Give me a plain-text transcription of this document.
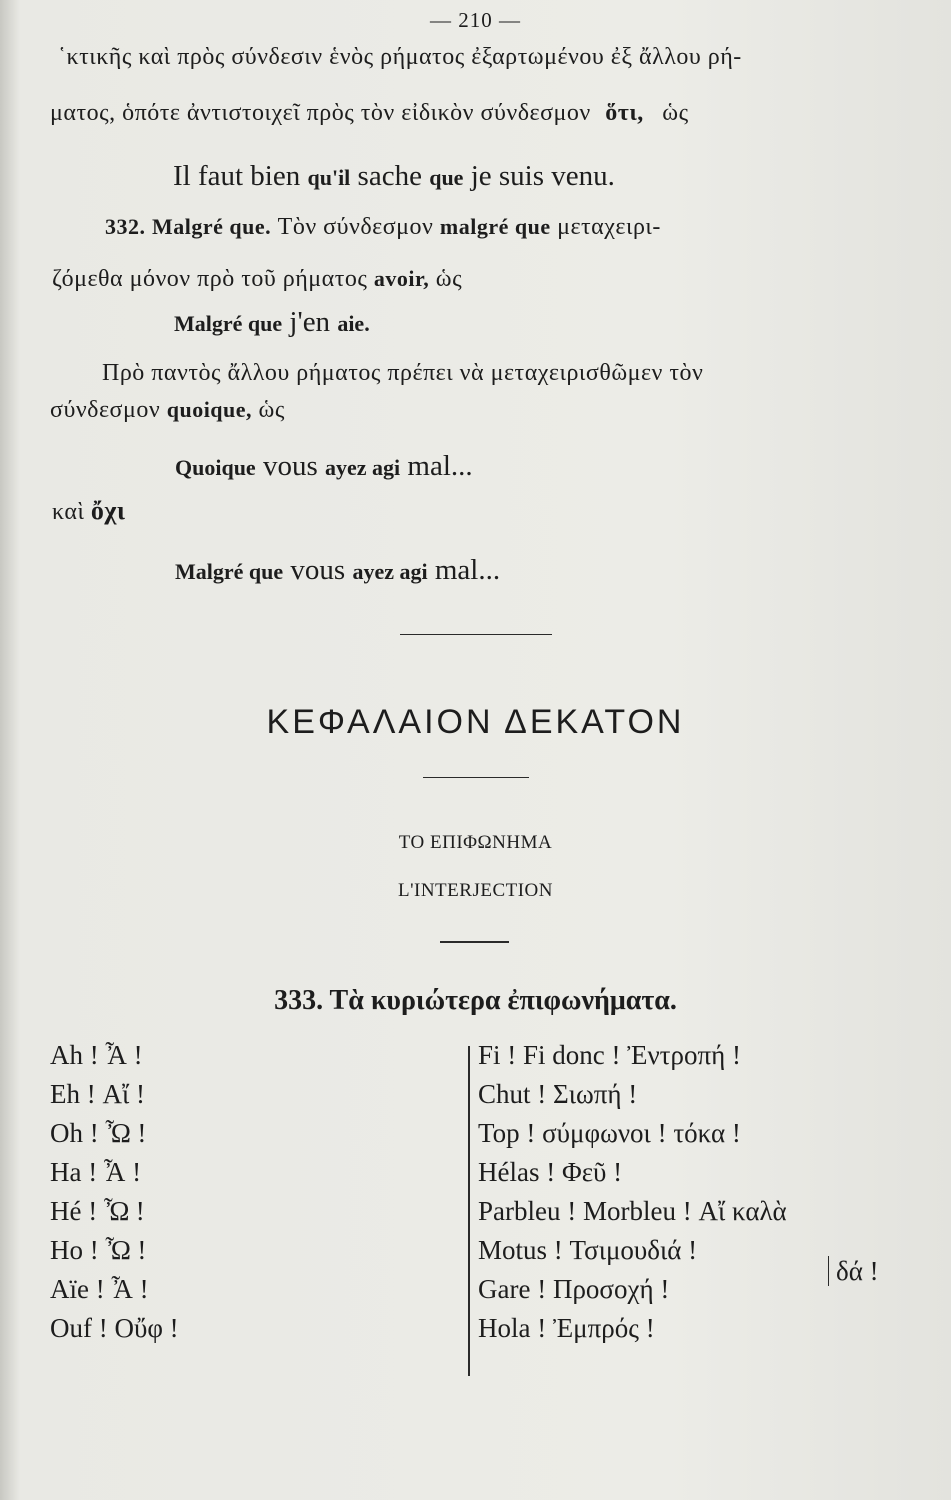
— 210 —
῾κτικῆς καὶ πρὸς σύνδεσιν ἑνὸς ρήματος ἐξαρτωμένου ἐξ ἄλλου ρή-
ματος, ὁπότε ἀντιστοιχεῖ πρὸς τὸν εἰδικὸν σύνδεσμον ὅτι, ὡς
Il faut bien qu'il sache que je suis venu.
332. Malgré que. Τὸν σύνδεσμον malgré que μεταχειρι-
ζόμεθα μόνον πρὸ τοῦ ρήματος avoir, ὡς
Malgré que j'en aie.
Πρὸ παντὸς ἄλλου ρήματος πρέπει νὰ μεταχειρισθῶμεν τὸν
σύνδεσμον quoique, ὡς
Quoique vous ayez agi mal...
καὶ ὄχι
Malgré que vous ayez agi mal...
ΚΕΦΑΛΑΙΟΝ ΔΕΚΑΤΟΝ
ΤΟ ΕΠΙΦΩΝΗΜΑ
L'INTERJECTION
333. Τὰ κυριώτερα ἐπιφωνήματα.
Ah ! Ἆ !
Eh ! Αἴ !
Oh ! Ὦ !
Ha ! Ἆ !
Hé ! Ὦ !
Ho ! Ὦ !
Aïe ! Ἆ !
Ouf ! Οὔφ !
Fi ! Fi donc ! Ἐντροπή !
Chut ! Σιωπή !
Top ! σύμφωνοι ! τόκα !
Hélas ! Φεῦ !
Parbleu ! Morbleu ! Αἴ καλὰ
Motus ! Τσιμουδιά !
Gare ! Προσοχή !
Hola ! Ἐμπρός !
δά !
